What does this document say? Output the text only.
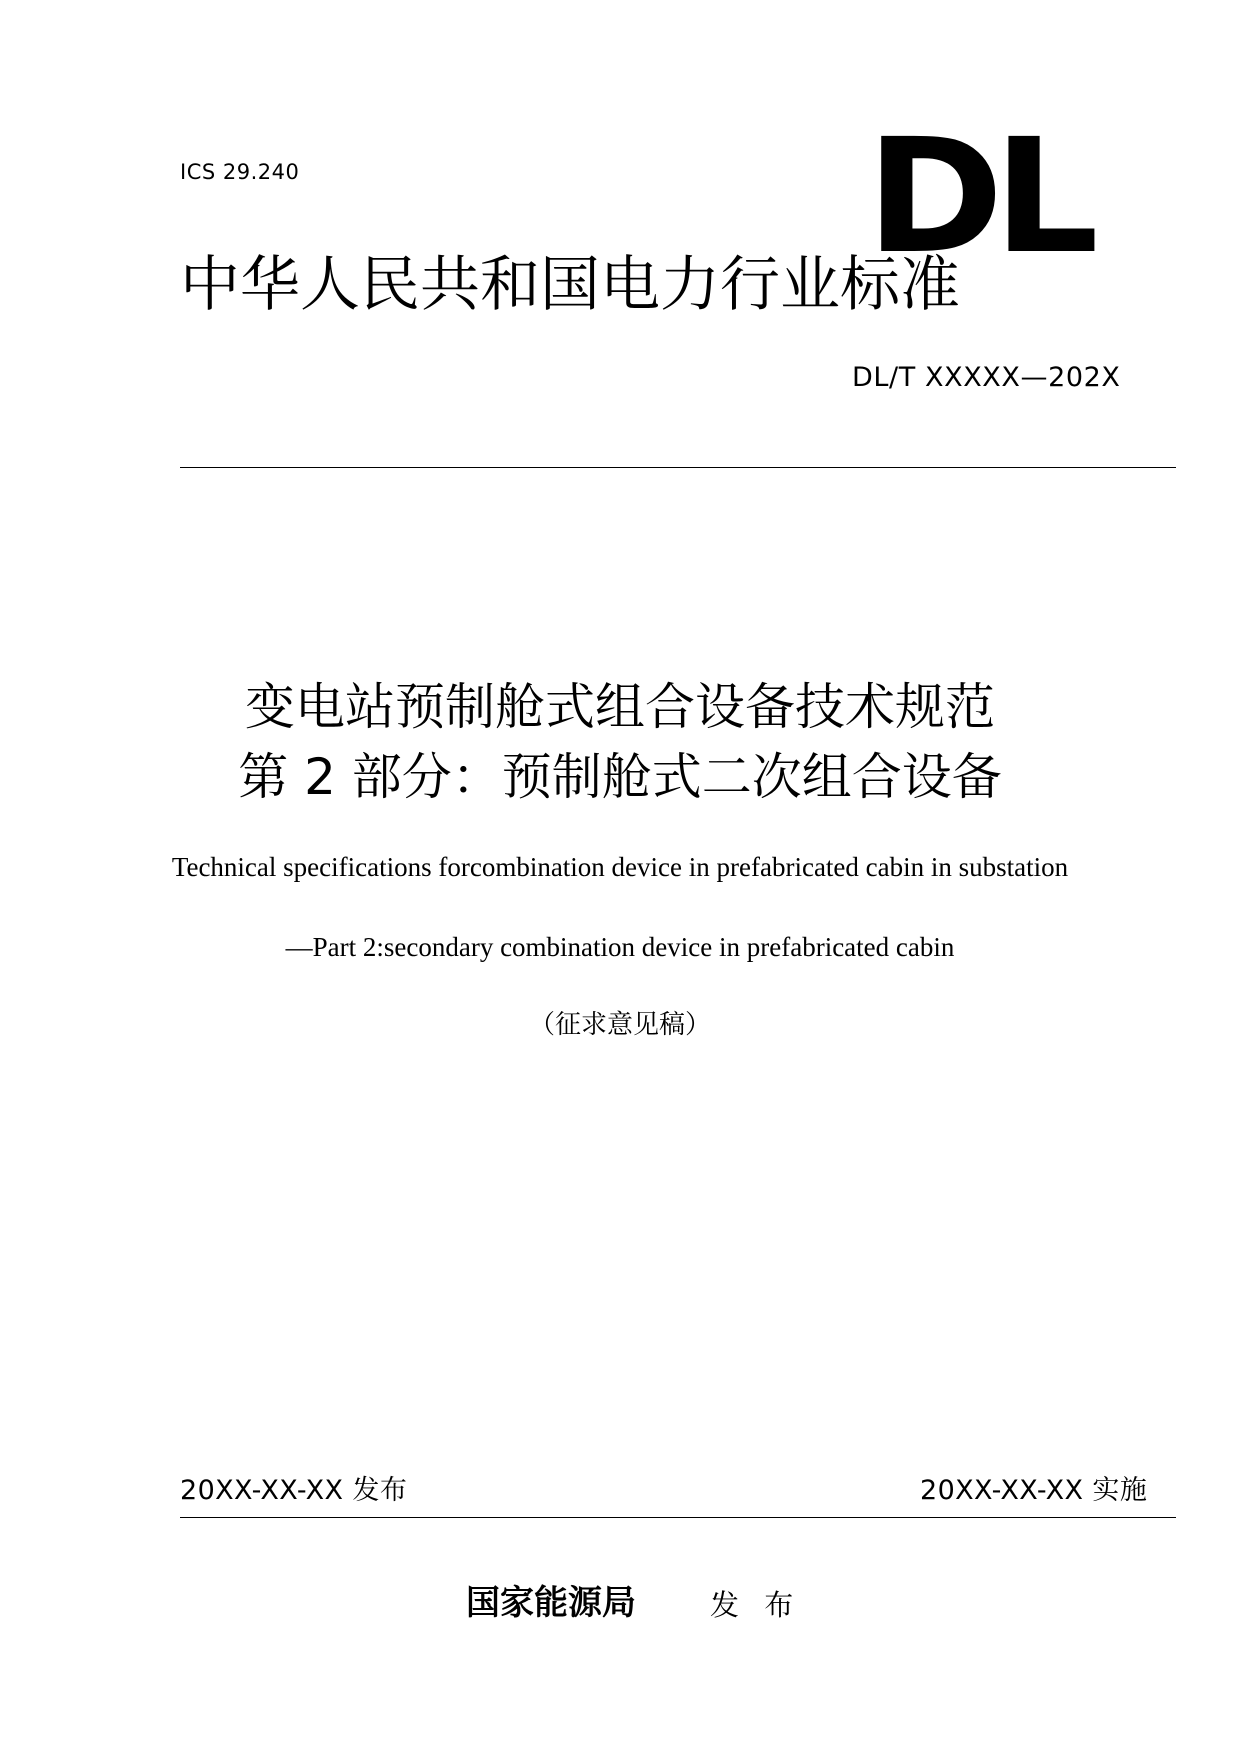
ICS 29.240
中华人民共和国电力行业标准
DL
DL/T XXXXX—202X
变电站预制舱式组合设备技术规范
第 2 部分：预制舱式二次组合设备
Technical specifications forcombination device in prefabricated cabin in substation
—Part 2:secondary combination device in prefabricated cabin
（征求意见稿）
20XX-XX-XX 发布	20XX-XX-XX 实施
国家能源局	发 布
